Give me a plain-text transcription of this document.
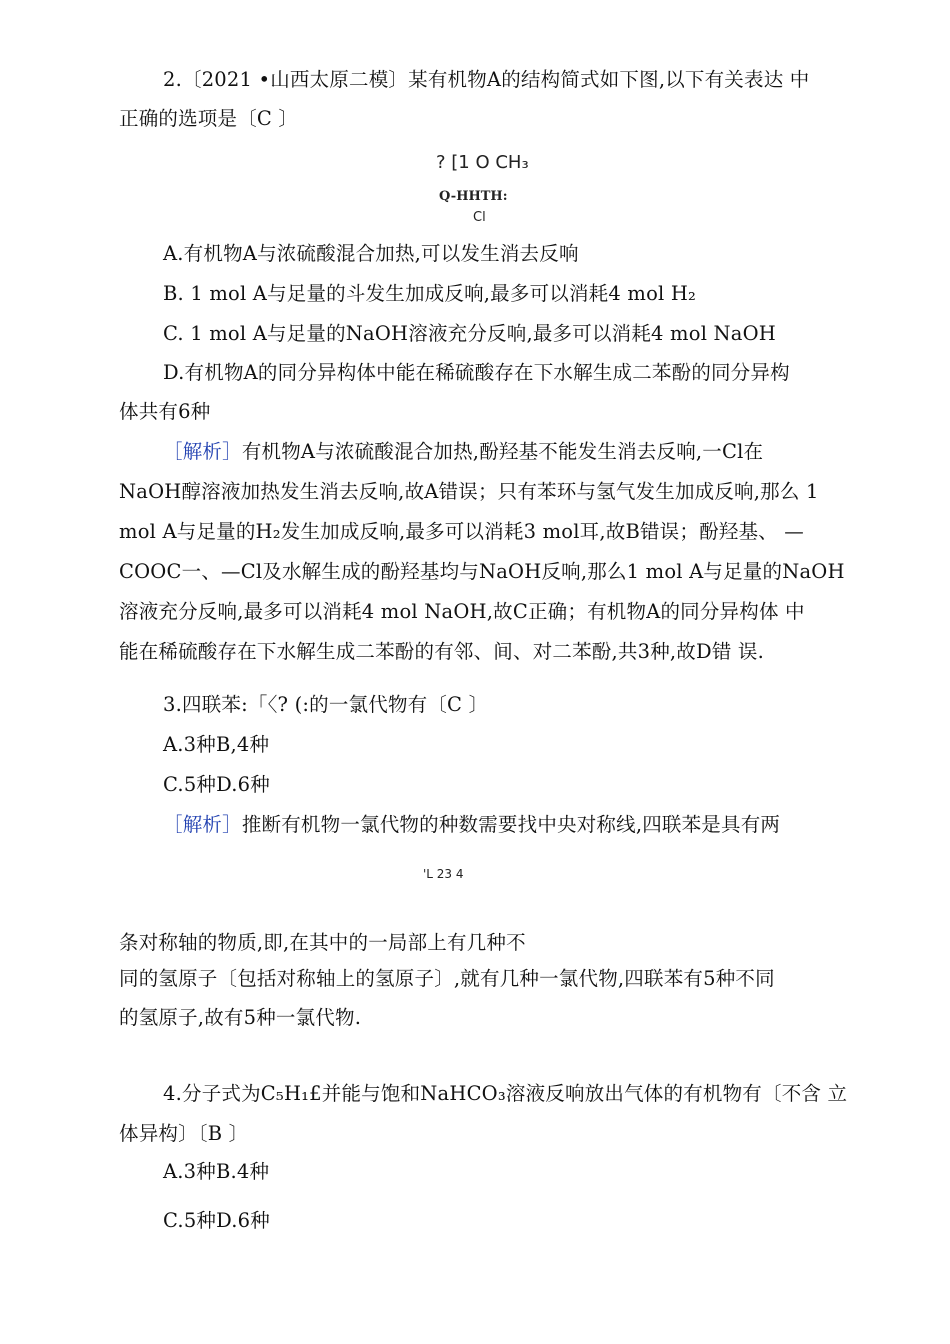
2.〔2021 •山西太原二模〕某有机物A的结构简式如下图,以下有关表达 中
正确的选项是〔C 〕
? [1 O CH₃
Q-HHTH:
Cl
A.有机物A与浓硫酸混合加热,可以发生消去反响
B. 1 mol A与足量的斗发生加成反响,最多可以消耗4 mol H₂
C. 1 mol A与足量的NaOH溶液充分反响,最多可以消耗4 mol NaOH
D.有机物A的同分异构体中能在稀硫酸存在下水解生成二苯酚的同分异构
体共有6种
［解析］有机物A与浓硫酸混合加热,酚羟基不能发生消去反响,一Cl在
NaOH醇溶液加热发生消去反响,故A错误；只有苯环与氢气发生加成反响,那么 1
mol A与足量的H₂发生加成反响,最多可以消耗3 mol耳,故B错误；酚羟基、 —
COOC一、—Cl及水解生成的酚羟基均与NaOH反响,那么1 mol A与足量的NaOH
溶液充分反响,最多可以消耗4 mol NaOH,故C正确；有机物A的同分异构体 中
能在稀硫酸存在下水解生成二苯酚的有邻、间、对二苯酚,共3种,故D错 误.
3.四联苯:「〈? (:的一氯代物有〔C 〕
A.3种B,4种
C.5种D.6种
［解析］推断有机物一氯代物的种数需要找中央对称线,四联苯是具有两
'L 23 4
条对称轴的物质,即,在其中的一局部上有几种不
同的氢原子〔包括对称轴上的氢原子〕,就有几种一氯代物,四联苯有5种不同
的氢原子,故有5种一氯代物.
4.分子式为C₅H₁£并能与饱和NaHCO₃溶液反响放出气体的有机物有〔不含 立
体异构〕〔B 〕
A.3种B.4种
C.5种D.6种
